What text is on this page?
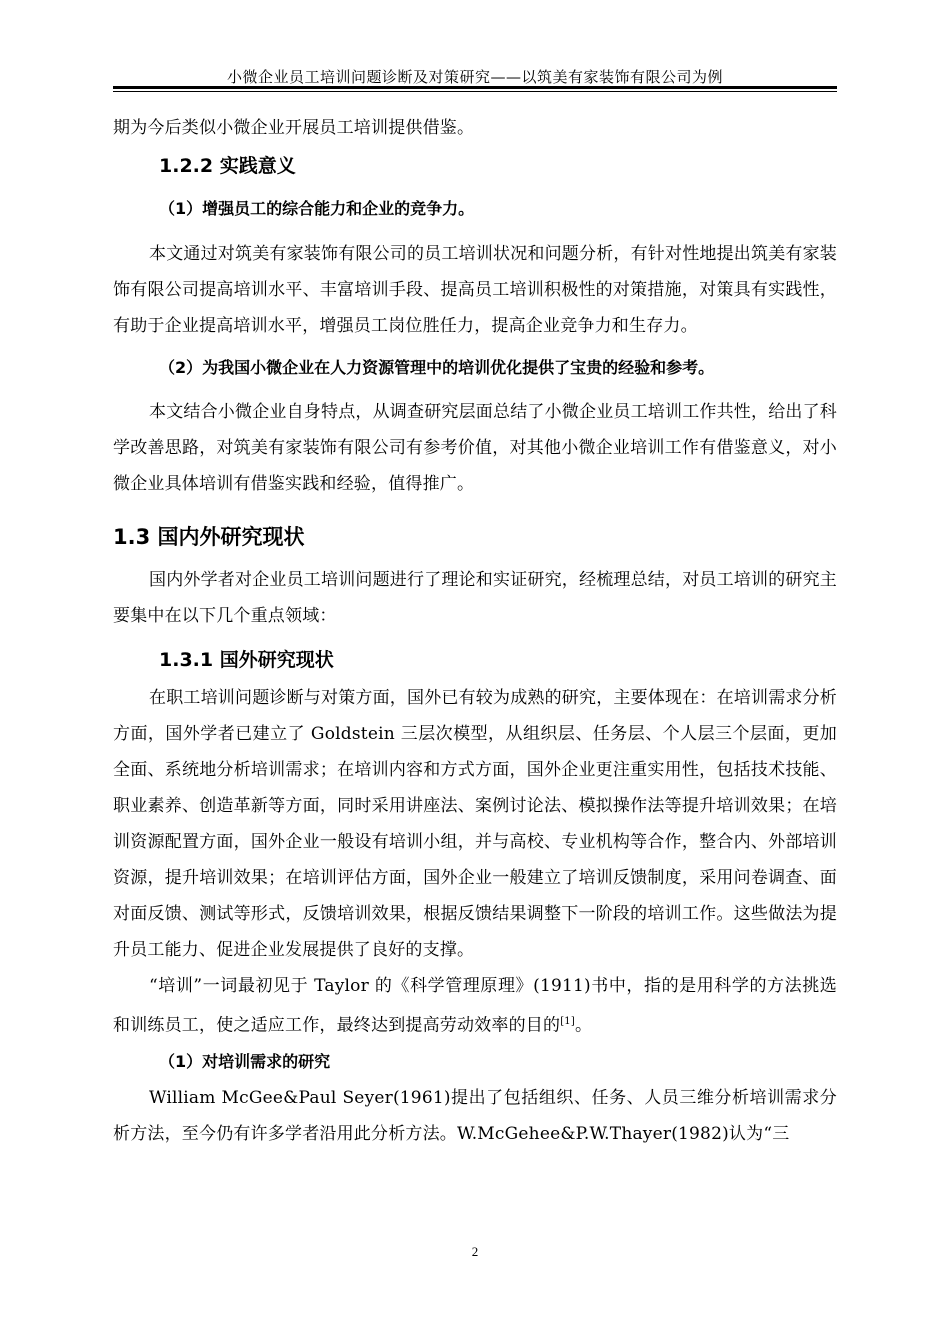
小微企业员工培训问题诊断及对策研究——以筑美有家装饰有限公司为例

期为今后类似小微企业开展员工培训提供借鉴。

1.2.2 实践意义
（1）增强员工的综合能力和企业的竞争力。

本文通过对筑美有家装饰有限公司的员工培训状况和问题分析，有针对性地提出筑美有家装饰有限公司提高培训水平、丰富培训手段、提高员工培训积极性的对策措施，对策具有实践性，有助于企业提高培训水平，增强员工岗位胜任力，提高企业竞争力和生存力。

（2）为我国小微企业在人力资源管理中的培训优化提供了宝贵的经验和参考。

本文结合小微企业自身特点，从调查研究层面总结了小微企业员工培训工作共性，给出了科学改善思路，对筑美有家装饰有限公司有参考价值，对其他小微企业培训工作有借鉴意义，对小微企业具体培训有借鉴实践和经验，值得推广。

1.3 国内外研究现状

国内外学者对企业员工培训问题进行了理论和实证研究，经梳理总结，对员工培训的研究主要集中在以下几个重点领域：

1.3.1 国外研究现状

在职工培训问题诊断与对策方面，国外已有较为成熟的研究，主要体现在：在培训需求分析方面，国外学者已建立了 Goldstein 三层次模型，从组织层、任务层、个人层三个层面，更加全面、系统地分析培训需求；在培训内容和方式方面，国外企业更注重实用性，包括技术技能、职业素养、创造革新等方面，同时采用讲座法、案例讨论法、模拟操作法等提升培训效果；在培训资源配置方面，国外企业一般设有培训小组，并与高校、专业机构等合作，整合内、外部培训资源，提升培训效果；在培训评估方面，国外企业一般建立了培训反馈制度，采用问卷调查、面对面反馈、测试等形式，反馈培训效果，根据反馈结果调整下一阶段的培训工作。这些做法为提升员工能力、促进企业发展提供了良好的支撑。

“培训”一词最初见于 Taylor 的《科学管理原理》(1911)书中，指的是用科学的方法挑选和训练员工，使之适应工作，最终达到提高劳动效率的目的[1]。

（1）对培训需求的研究

William McGee&Paul Seyer(1961)提出了包括组织、任务、人员三维分析培训需求分析方法，至今仍有许多学者沿用此分析方法。W.McGehee&P.W.Thayer(1982)认为“三

2
